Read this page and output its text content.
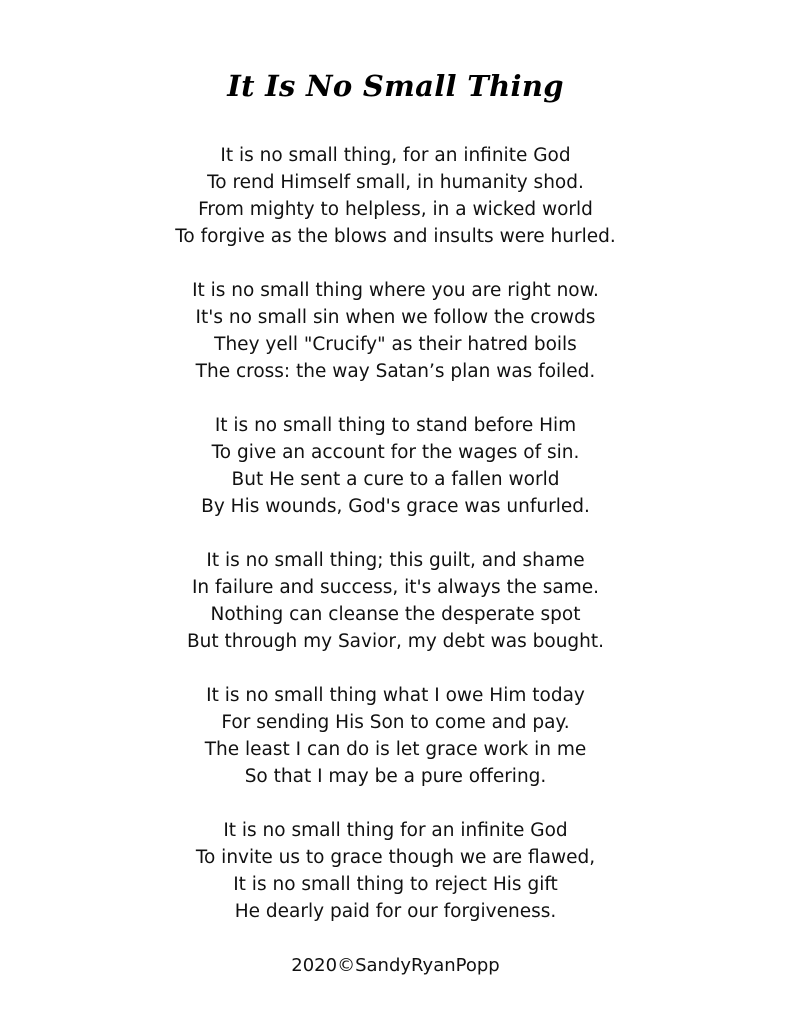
It Is No Small Thing
It is no small thing, for an infinite God
To rend Himself small, in humanity shod.
From mighty to helpless, in a wicked world
To forgive as the blows and insults were hurled.
It is no small thing where you are right now.
It's no small sin when we follow the crowds
They yell "Crucify" as their hatred boils
The cross: the way Satan’s plan was foiled.
It is no small thing to stand before Him
To give an account for the wages of sin.
But He sent a cure to a fallen world
By His wounds, God's grace was unfurled.
It is no small thing; this guilt, and shame
In failure and success, it's always the same.
Nothing can cleanse the desperate spot
But through my Savior, my debt was bought.
It is no small thing what I owe Him today
For sending His Son to come and pay.
The least I can do is let grace work in me
So that I may be a pure offering.
It is no small thing for an infinite God
To invite us to grace though we are flawed,
It is no small thing to reject His gift
He dearly paid for our forgiveness.
2020©SandyRyanPopp
